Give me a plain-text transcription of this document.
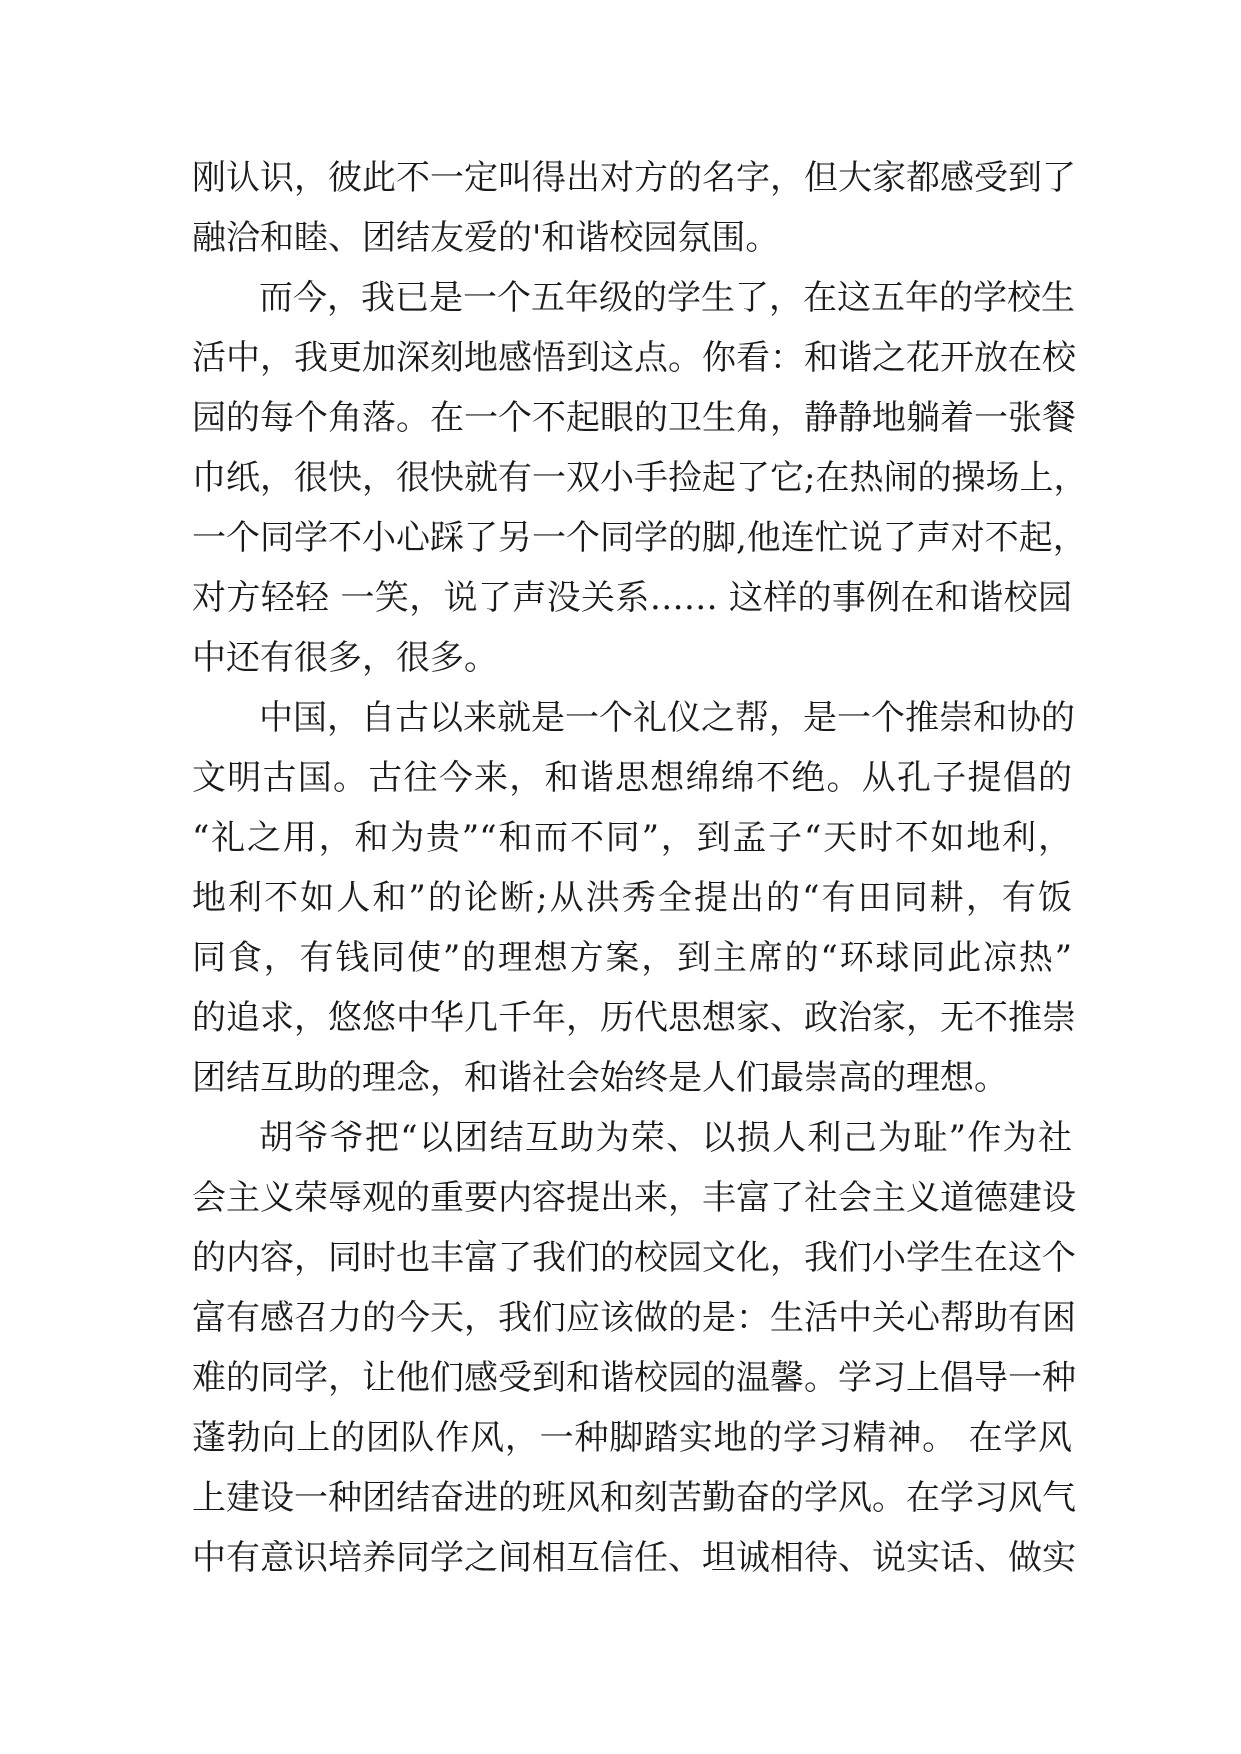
刚认识，彼此不一定叫得出对方的名字，但大家都感受到了
融洽和睦、团结友爱的'和谐校园氛围。
而今，我已是一个五年级的学生了，在这五年的学校生
活中，我更加深刻地感悟到这点。你看：和谐之花开放在校
园的每个角落。在一个不起眼的卫生角，静静地躺着一张餐
巾纸，很快，很快就有一双小手捡起了它;在热闹的操场上，
一个同学不小心踩了另一个同学的脚,他连忙说了声对不起，
对方轻轻 一笑，说了声没关系…… 这样的事例在和谐校园
中还有很多，很多。
中国，自古以来就是一个礼仪之帮，是一个推崇和协的
文明古国。古往今来，和谐思想绵绵不绝。从孔子提倡的
“礼之用，和为贵”“和而不同”，到孟子“天时不如地利，
地利不如人和”的论断;从洪秀全提出的“有田同耕，有饭
同食，有钱同使”的理想方案，到主席的“环球同此凉热”
的追求，悠悠中华几千年，历代思想家、政治家，无不推崇
团结互助的理念，和谐社会始终是人们最崇高的理想。
胡爷爷把“以团结互助为荣、以损人利己为耻”作为社
会主义荣辱观的重要内容提出来，丰富了社会主义道德建设
的内容，同时也丰富了我们的校园文化，我们小学生在这个
富有感召力的今天，我们应该做的是：生活中关心帮助有困
难的同学，让他们感受到和谐校园的温馨。学习上倡导一种
蓬勃向上的团队作风，一种脚踏实地的学习精神。 在学风
上建设一种团结奋进的班风和刻苦勤奋的学风。在学习风气
中有意识培养同学之间相互信任、坦诚相待、说实话、做实
